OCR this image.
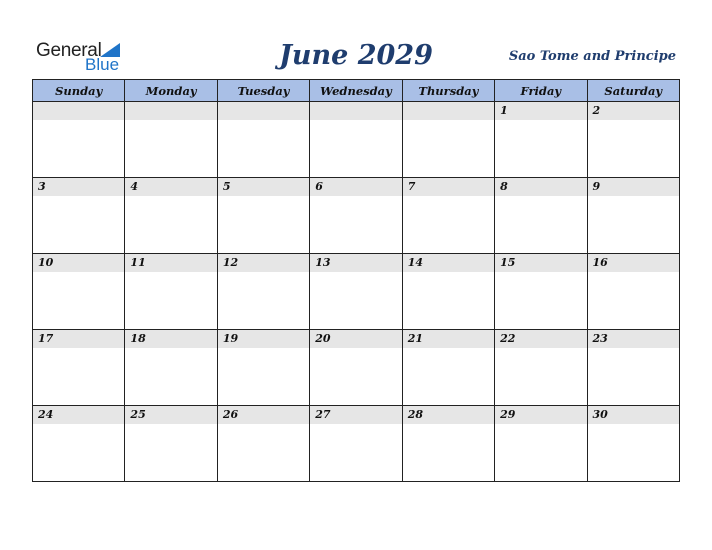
General
Blue	June 2029	Sao Tome and Principe
Sunday	Monday	Tuesday	Wednesday	Thursday	Friday	Saturday

					1	2

3	4	5	6	7	8	9

10	11	12	13	14	15	16

17	18	19	20	21	22	23

24	25	26	27	28	29	30
